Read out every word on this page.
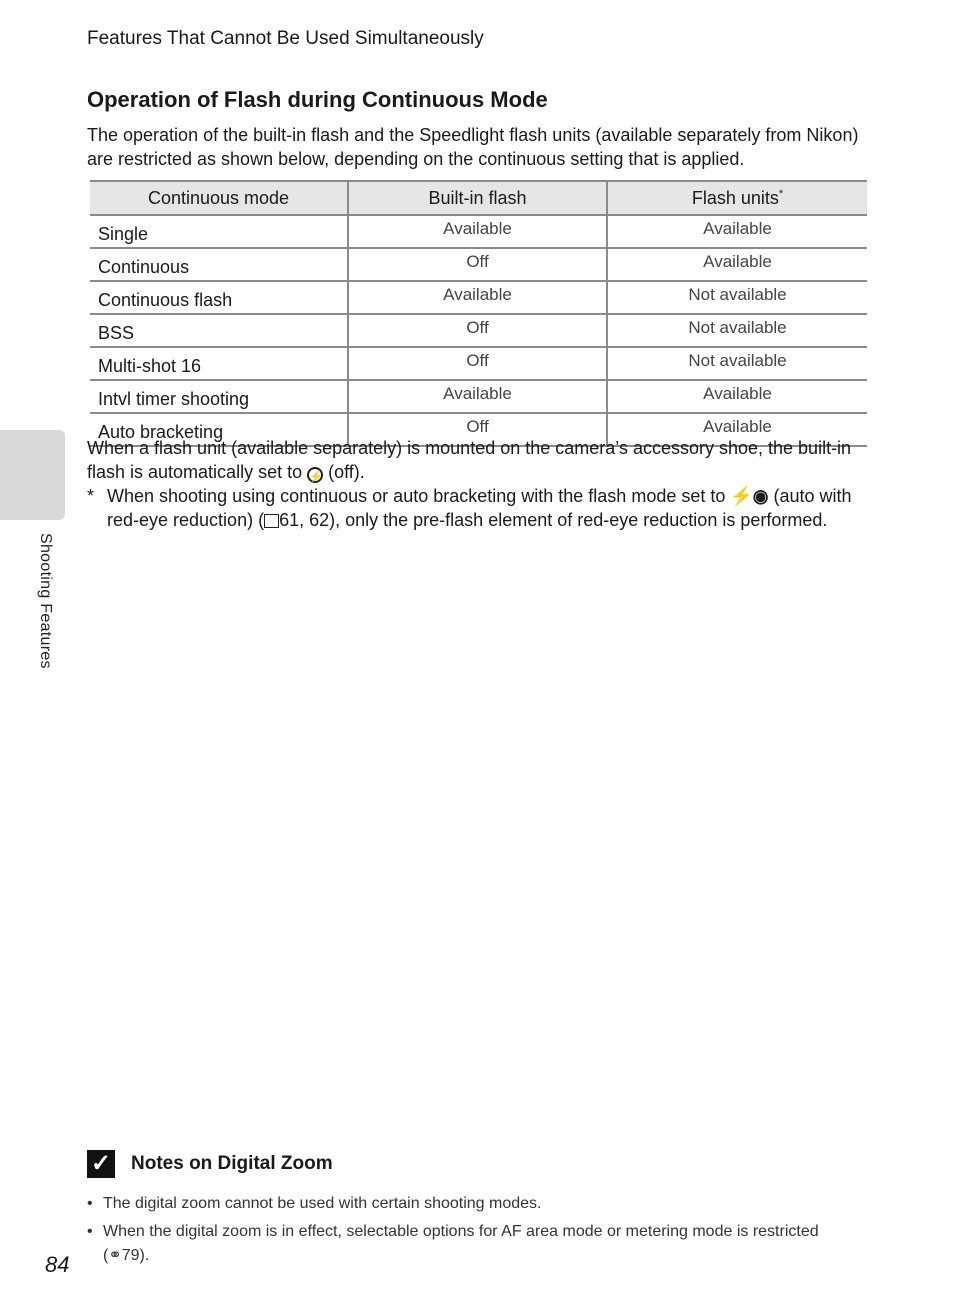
Shooting Features
Features That Cannot Be Used Simultaneously
Operation of Flash during Continuous Mode

The operation of the built-in flash and the Speedlight flash units (available separately from Nikon) are restricted as shown below, depending on the continuous setting that is applied.

Continuous mode	Built-in flash	Flash units*
Single	Available	Available
Continuous	Off	Available
Continuous flash	Available	Not available
BSS	Off	Not available
Multi-shot 16	Off	Not available
Intvl timer shooting	Available	Available
Auto bracketing	Off	Available

When a flash unit (available separately) is mounted on the camera’s accessory shoe, the built-in flash is automatically set to ⚡ (off).

* When shooting using continuous or auto bracketing with the flash mode set to ⚡◉ (auto with red-eye reduction) ( 61, 62), only the pre-flash element of red-eye reduction is performed.

✓ Notes on Digital Zoom
• The digital zoom cannot be used with certain shooting modes.
• When the digital zoom is in effect, selectable options for AF area mode or metering mode is restricted (⚭79).
84
